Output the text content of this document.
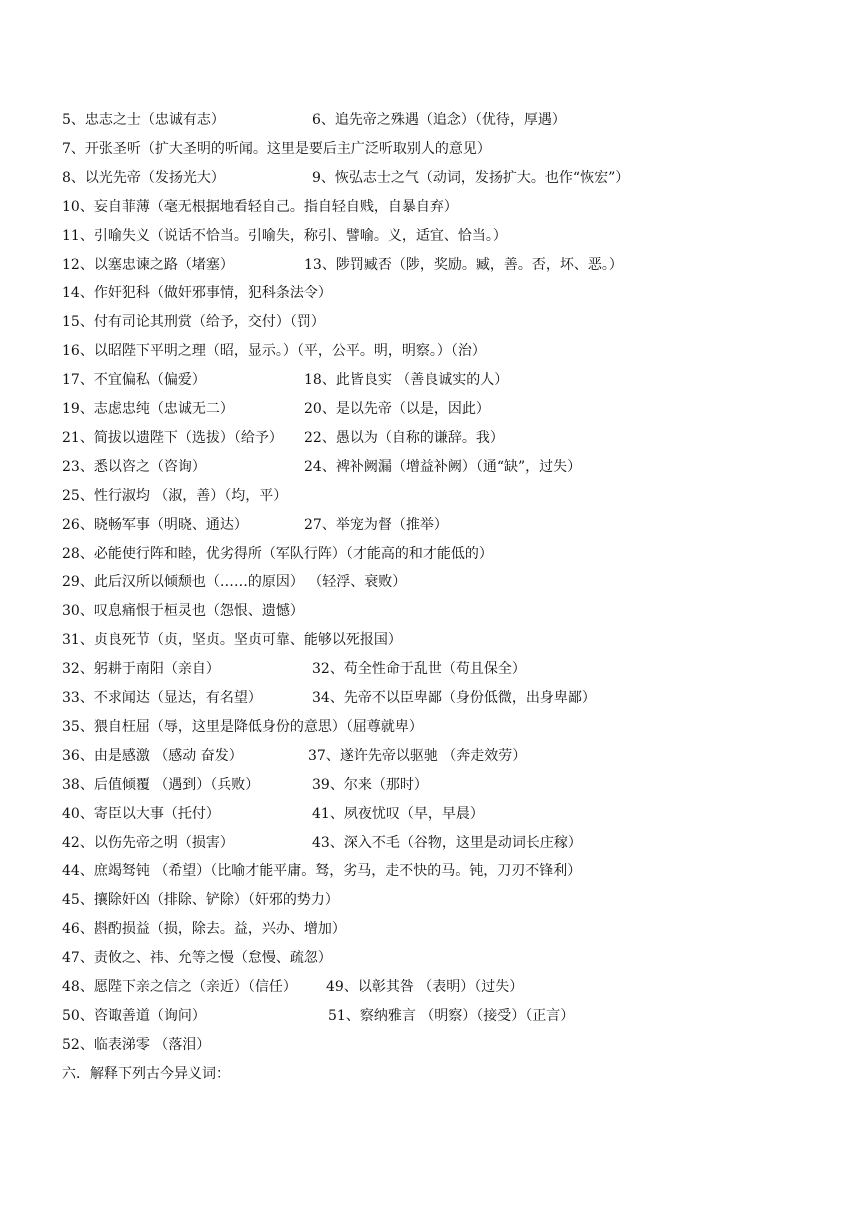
5、忠志之士（忠诚有志）	6、追先帝之殊遇（追念）（优待，厚遇）
7、开张圣听（扩大圣明的听闻。这里是要后主广泛听取别人的意见）
8、以光先帝（发扬光大）	9、恢弘志士之气（动词，发扬扩大。也作“恢宏”）
10、妄自菲薄（毫无根据地看轻自己。指自轻自贱，自暴自弃）
11、引喻失义（说话不恰当。引喻失，称引、譬喻。义，适宜、恰当。）
12、以塞忠谏之路（堵塞）	13、陟罚臧否（陟，奖励。臧，善。否，坏、恶。）
14、作奸犯科（做奸邪事情，犯科条法令）
15、付有司论其刑赏（给予，交付）（罚）
16、以昭陛下平明之理（昭，显示。）（平，公平。明，明察。）（治）
17、不宜偏私（偏爱）	18、此皆良实 （善良诚实的人）
19、志虑忠纯（忠诚无二）	20、是以先帝（以是，因此）
21、简拔以遗陛下（选拔）（给予） 22、愚以为（自称的谦辞。我）
23、悉以咨之（咨询）	24、裨补阙漏（增益补阙）（通“缺”，过失）
25、性行淑均 （淑，善）（均，平）
26、晓畅军事（明晓、通达）	27、举宠为督（推举）
28、必能使行阵和睦，优劣得所（军队行阵）（才能高的和才能低的）
29、此后汉所以倾颓也（……的原因） （轻浮、衰败）
30、叹息痛恨于桓灵也（怨恨、遗憾）
31、贞良死节（贞，坚贞。坚贞可靠、能够以死报国）
32、躬耕于南阳（亲自）	32、苟全性命于乱世（苟且保全）
33、不求闻达（显达，有名望）	34、先帝不以臣卑鄙（身份低微，出身卑鄙）
35、猥自枉屈（辱，这里是降低身份的意思）（屈尊就卑）
36、由是感激 （感动 奋发）	37、遂许先帝以驱驰 （奔走效劳）
38、后值倾覆 （遇到）（兵败）	39、尔来（那时）
40、寄臣以大事（托付）	41、夙夜忧叹（早，早晨）
42、以伤先帝之明（损害）	43、深入不毛（谷物，这里是动词长庄稼）
44、庶竭驽钝 （希望）（比喻才能平庸。驽，劣马，走不快的马。钝，刀刃不锋利）
45、攘除奸凶（排除、铲除）（奸邪的势力）
46、斟酌损益（损，除去。益，兴办、增加）
47、责攸之、祎、允等之慢（怠慢、疏忽）
48、愿陛下亲之信之（亲近）（信任） 49、以彰其咎 （表明）（过失）
50、咨诹善道（询问）	51、察纳雅言 （明察）（接受）（正言）
52、临表涕零 （落泪）
六．解释下列古今异义词：
